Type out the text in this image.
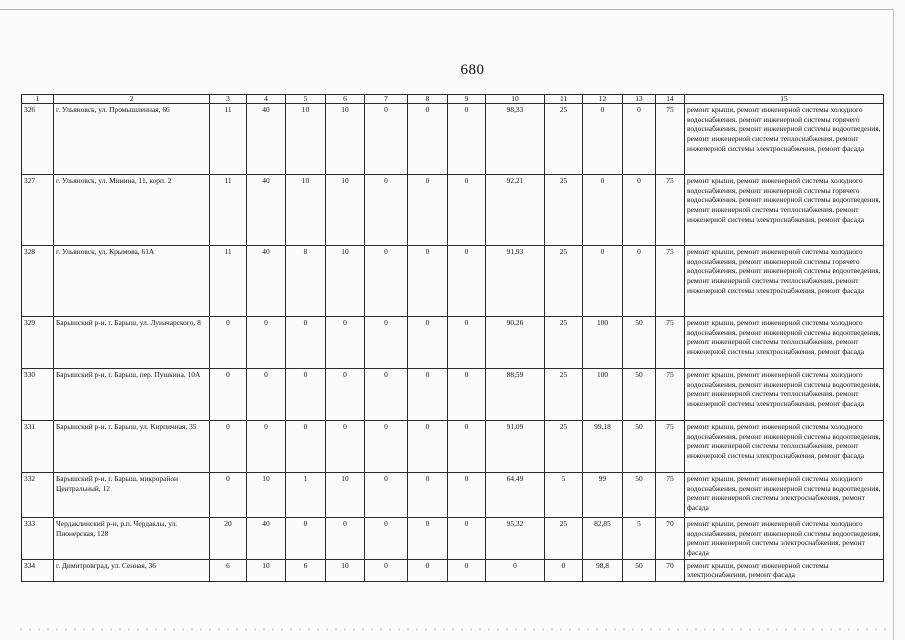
680
1	2	3	4	5	6	7	8	9	10	11	12	13	14	15
326	г. Ульяновск, ул. Промышленная, 66	11	40	10	10	0	0	0	98,33	25	0	0	75	ремонт крыши, ремонт инженерной системы холодного водоснабжения, ремонт инженерной системы горячего водоснабжения, ремонт инженерной системы водоотведения, ремонт инженерной системы теплоснабжения, ремонт инженерной системы электроснабжения, ремонт фасада
327	г. Ульяновск, ул. Минина, 11, корп. 2	11	40	10	10	0	0	0	92,21	25	0	0	75	ремонт крыши, ремонт инженерной системы холодного водоснабжения, ремонт инженерной системы горячего водоснабжения, ремонт инженерной системы водоотведения, ремонт инженерной системы теплоснабжения, ремонт инженерной системы электроснабжения, ремонт фасада
328	г. Ульяновск, ул. Крымова, 61А	11	40	8	10	0	0	0	91,93	25	0	0	75	ремонт крыши, ремонт инженерной системы холодного водоснабжения, ремонт инженерной системы горячего водоснабжения, ремонт инженерной системы водоотведения, ремонт инженерной системы теплоснабжения, ремонт инженерной системы электроснабжения, ремонт фасада
329	Барышский р-н, г. Барыш, ул. Луначарского, 8	0	0	0	0	0	0	0	90,26	25	100	50	75	ремонт крыши, ремонт инженерной системы холодного водоснабжения, ремонт инженерной системы водоотведения, ремонт инженерной системы теплоснабжения, ремонт инженерной системы электроснабжения, ремонт фасада
330	Барышский р-н, г. Барыш, пер. Пушкина, 10А	0	0	0	0	0	0	0	88,59	25	100	50	75	ремонт крыши, ремонт инженерной системы холодного водоснабжения, ремонт инженерной системы водоотведения, ремонт инженерной системы теплоснабжения, ремонт инженерной системы электроснабжения, ремонт фасада
331	Барышский р-н, г. Барыш, ул. Кирпичная, 35	0	0	0	0	0	0	0	91,09	25	99,18	50	75	ремонт крыши, ремонт инженерной системы холодного водоснабжения, ремонт инженерной системы водоотведения, ремонт инженерной системы теплоснабжения, ремонт инженерной системы электроснабжения, ремонт фасада
332	Барышский р-н, г. Барыш, микрорайон Центральный, 12	0	10	1	10	0	0	0	64,49	5	99	50	75	ремонт крыши, ремонт инженерной системы холодного водоснабжения, ремонт инженерной системы водоотведения, ремонт инженерной системы электроснабжения, ремонт фасада
333	Чердаклинский р-н, р.п. Чердаклы, ул. Пионерская, 128	20	40	0	0	0	0	0	95,32	25	82,85	5	70	ремонт крыши, ремонт инженерной системы холодного водоснабжения, ремонт инженерной системы водоотведения, ремонт инженерной системы электроснабжения, ремонт фасада
334	г. Димитровград, ул. Сенная, 36	6	10	6	10	0	0	0	0	0	98,8	50	70	ремонт крыши, ремонт инженерной системы электроснабжения, ремонт фасада
